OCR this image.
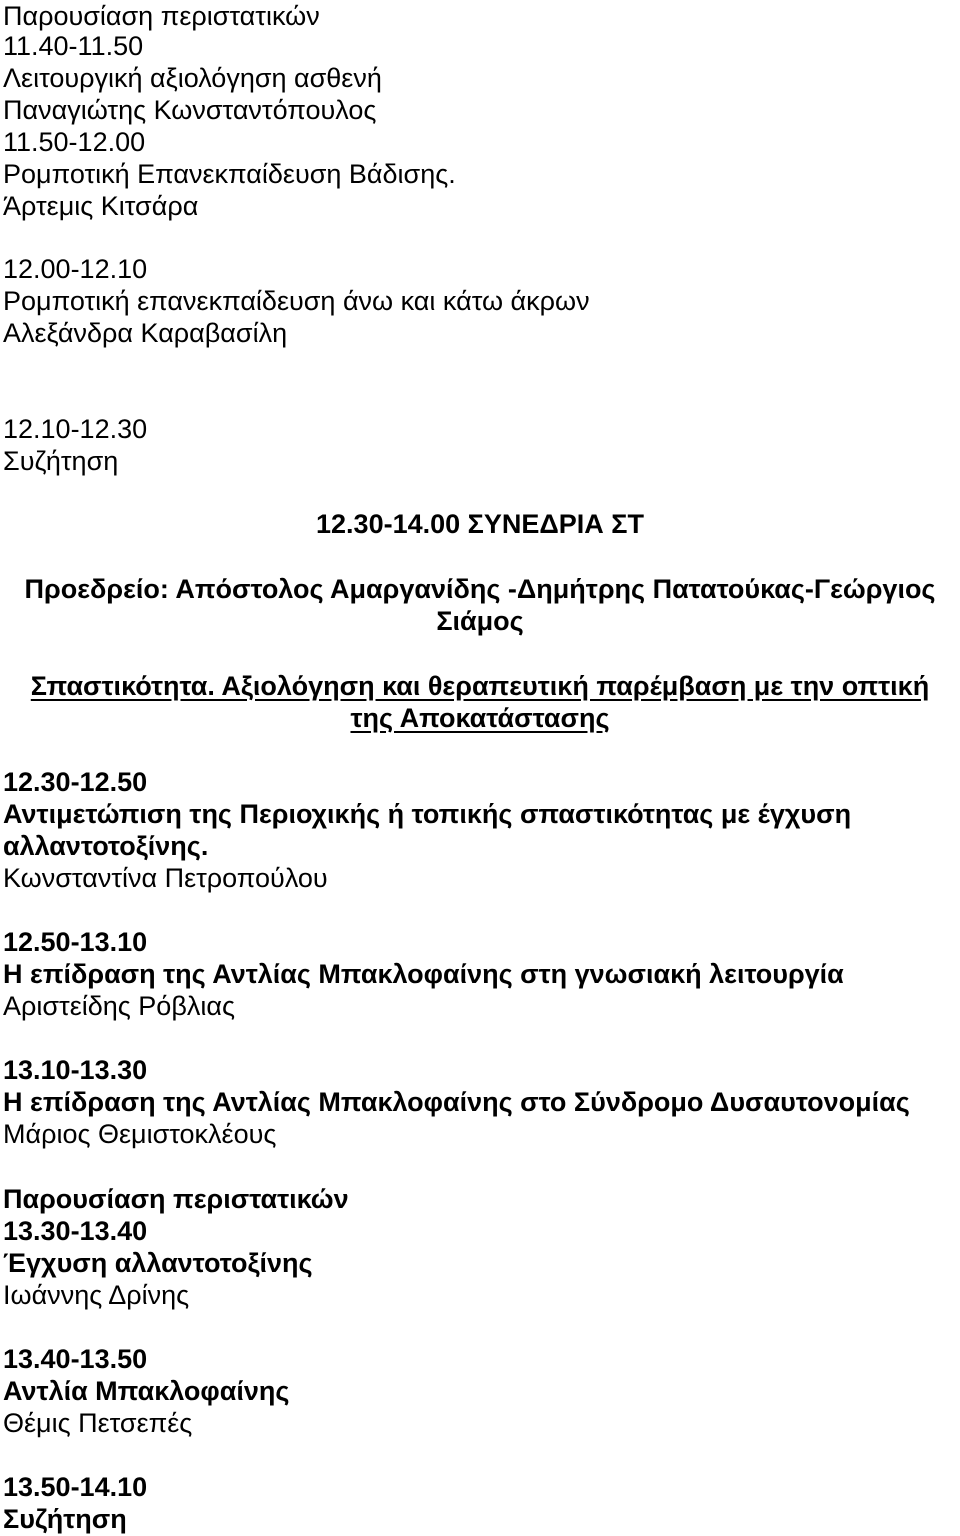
Παρουσίαση περιστατικών

11.40-11.50

Λειτουργική αξιολόγηση ασθενή

Παναγιώτης Κωνσταντόπουλος

11.50-12.00

Ρομποτική Επανεκπαίδευση Βάδισης.

Άρτεμις Κιτσάρα

12.00-12.10

Ρομποτική επανεκπαίδευση άνω και κάτω άκρων

Αλεξάνδρα Καραβασίλη

12.10-12.30

Συζήτηση

12.30-14.00 ΣΥΝΕΔΡΙΑ ΣΤ

Προεδρείο: Απόστολος Αμαργανίδης -Δημήτρης Πατατούκας-Γεώργιος

Σιάμος

Σπαστικότητα. Αξιολόγηση και θεραπευτική παρέμβαση με την οπτική

της Αποκατάστασης

12.30-12.50

Αντιμετώπιση της Περιοχικής ή τοπικής σπαστικότητας με έγχυση

αλλαντοτοξίνης.

Κωνσταντίνα Πετροπούλου

12.50-13.10

Η επίδραση της Αντλίας Μπακλοφαίνης στη γνωσιακή λειτουργία

Αριστείδης Ρόβλιας

13.10-13.30

Η επίδραση της Αντλίας Μπακλοφαίνης στο Σύνδρομο Δυσαυτονομίας

Μάριος Θεμιστοκλέους

Παρουσίαση περιστατικών

13.30-13.40

Έγχυση αλλαντοτοξίνης

Ιωάννης Δρίνης

13.40-13.50

Αντλία Μπακλοφαίνης

Θέμις Πετσεπές

13.50-14.10

Συζήτηση
